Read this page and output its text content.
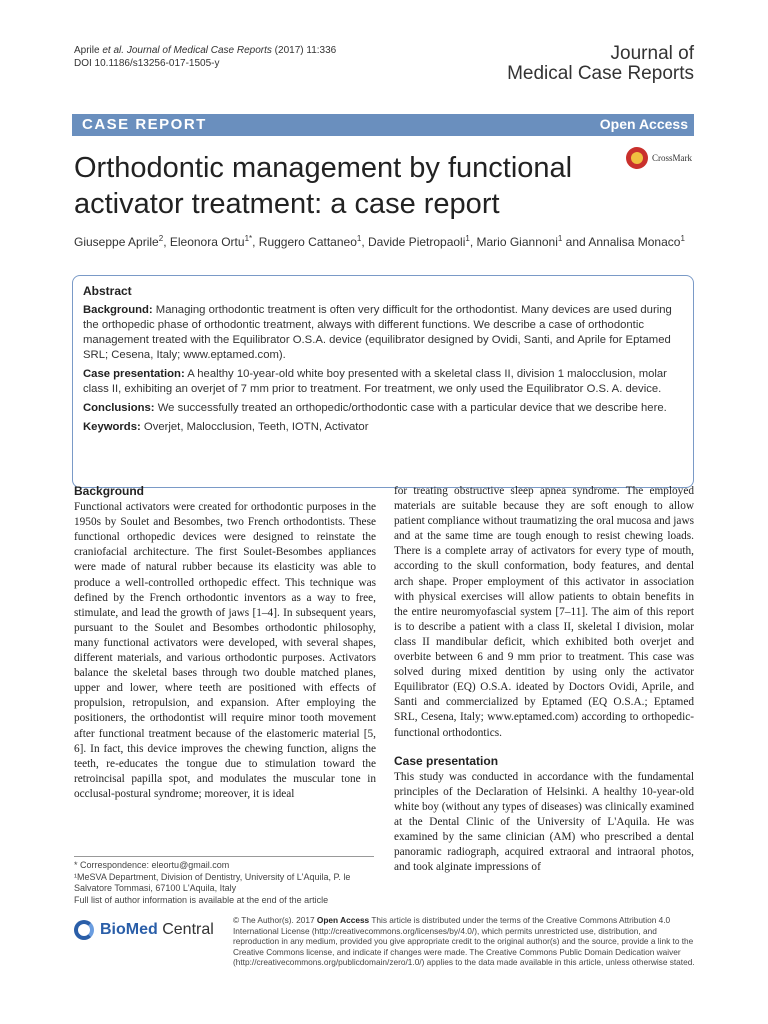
Aprile et al. Journal of Medical Case Reports (2017) 11:336
DOI 10.1186/s13256-017-1505-y	Journal of
Medical Case Reports
CASE REPORT	Open Access
Orthodontic management by functional activator treatment: a case report
CrossMark
Giuseppe Aprile$^2$, Eleonora Ortu$^{1*}$, Ruggero Cattaneo$^1$, Davide Pietropaoli$^1$, Mario Giannoni$^1$ and Annalisa Monaco$^1$
Abstract

Background: Managing orthodontic treatment is often very difficult for the orthodontist. Many devices are used during the orthopedic phase of orthodontic treatment, always with different functions. We describe a case of orthodontic management treated with the Equilibrator O.S.A. device (equilibrator designed by Ovidi, Santi, and Aprile for Eptamed SRL; Cesena, Italy; www.eptamed.com).

Case presentation: A healthy 10-year-old white boy presented with a skeletal class II, division 1 malocclusion, molar class II, exhibiting an overjet of 7 mm prior to treatment. For treatment, we only used the Equilibrator O.S. A. device.

Conclusions: We successfully treated an orthopedic/orthodontic case with a particular device that we describe here.

Keywords: Overjet, Malocclusion, Teeth, IOTN, Activator

Background

Functional activators were created for orthodontic purposes in the 1950s by Soulet and Besombes, two French orthodontists. These functional orthopedic devices were designed to reinstate the craniofacial architecture. The first Soulet-Besombes appliances were made of natural rubber because its elasticity was able to produce a well-controlled orthopedic effect. This technique was defined by the French orthodontic inventors as a way to free, stimulate, and lead the growth of jaws [1–4]. In subsequent years, pursuant to the Soulet and Besombes orthodontic philosophy, many functional activators were developed, with several shapes, different materials, and various orthodontic purposes. Activators balance the skeletal bases through two double matched planes, upper and lower, where teeth are positioned with effects of propulsion, retropulsion, and expansion. After employing the positioners, the orthodontist will require minor tooth movement after functional treatment because of the elastomeric material [5, 6]. In fact, this device improves the chewing function, aligns the teeth, re-educates the tongue due to stimulation toward the retroincisal papilla spot, and modulates the muscular tone in occlusal-postural syndrome; moreover, it is ideal

for treating obstructive sleep apnea syndrome. The employed materials are suitable because they are soft enough to allow patient compliance without traumatizing the oral mucosa and jaws and at the same time are tough enough to resist chewing loads. There is a complete array of activators for every type of mouth, according to the skull conformation, body features, and dental arch shape. Proper employment of this activator in association with physical exercises will allow patients to obtain benefits in the entire neuromyofascial system [7–11]. The aim of this report is to describe a patient with a class II, skeletal I division, molar class II mandibular deficit, which exhibited both overjet and overbite between 6 and 9 mm prior to treatment. This case was solved during mixed dentition by using only the activator Equilibrator (EQ) O.S.A. ideated by Doctors Ovidi, Aprile, and Santi and commercialized by Eptamed (EQ O.S.A.; Eptamed SRL, Cesena, Italy; www.eptamed.com) according to orthopedic-functional orthodontics.

Case presentation

This study was conducted in accordance with the fundamental principles of the Declaration of Helsinki. A healthy 10-year-old white boy (without any types of diseases) was clinically examined at the Dental Clinic of the University of L'Aquila. He was examined by the same clinician (AM) who prescribed a dental panoramic radiograph, acquired extraoral and intraoral photos, and took alginate impressions of

* Correspondence: eleortu@gmail.com
¹MeSVA Department, Division of Dentistry, University of L'Aquila, P. le Salvatore Tommasi, 67100 L'Aquila, Italy
Full list of author information is available at the end of the article
BioMed Central
© The Author(s). 2017 Open Access This article is distributed under the terms of the Creative Commons Attribution 4.0 International License (http://creativecommons.org/licenses/by/4.0/), which permits unrestricted use, distribution, and reproduction in any medium, provided you give appropriate credit to the original author(s) and the source, provide a link to the Creative Commons license, and indicate if changes were made. The Creative Commons Public Domain Dedication waiver (http://creativecommons.org/publicdomain/zero/1.0/) applies to the data made available in this article, unless otherwise stated.
